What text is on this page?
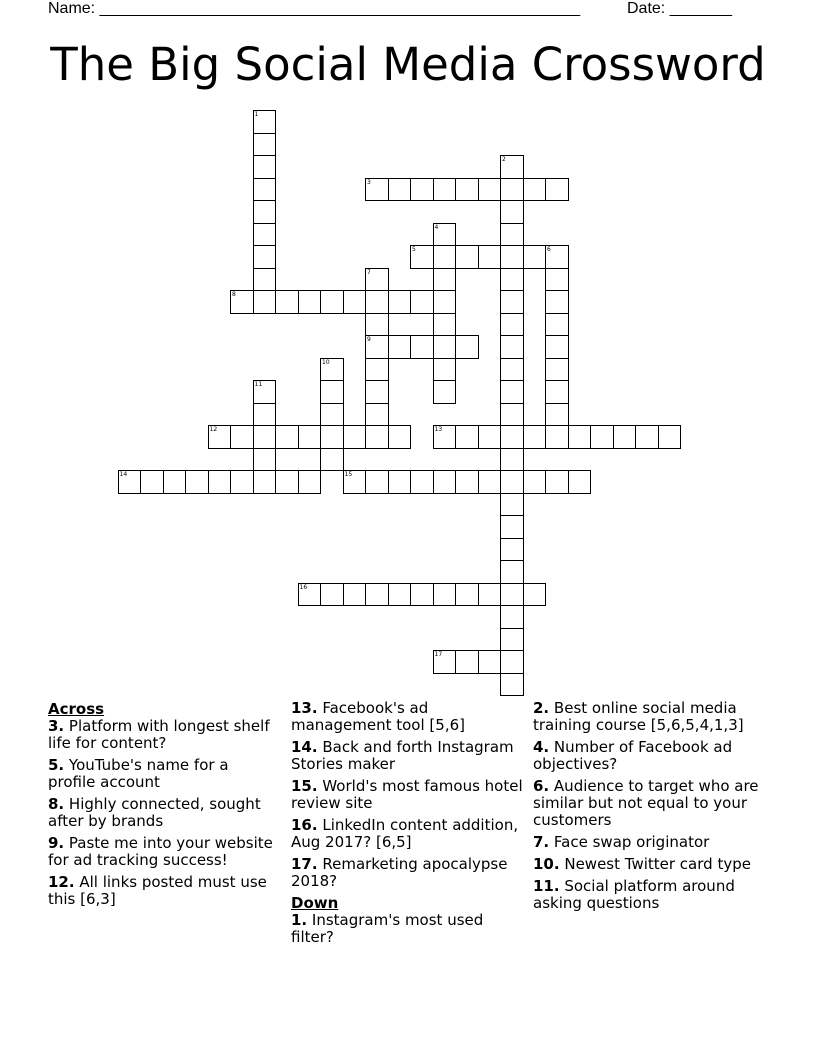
Name: ______________________________________________________	Date: _______
The Big Social Media Crossword
1
2
3
4
5	6
7
9
8
10
11
12	13
14	15
16
17
Across
3. Platform with longest shelf life for content?
5. YouTube's name for a profile account
8. Highly connected, sought after by brands
9. Paste me into your website for ad tracking success!
12. All links posted must use this [6,3]
13. Facebook's ad management tool [5,6]
14. Back and forth Instagram Stories maker
15. World's most famous hotel review site
16. LinkedIn content addition, Aug 2017? [6,5]
17. Remarketing apocalypse 2018?
Down
1. Instagram's most used filter?
2. Best online social media training course [5,6,5,4,1,3]
4. Number of Facebook ad objectives?
6. Audience to target who are similar but not equal to your customers
7. Face swap originator
10. Newest Twitter card type
11. Social platform around asking questions
